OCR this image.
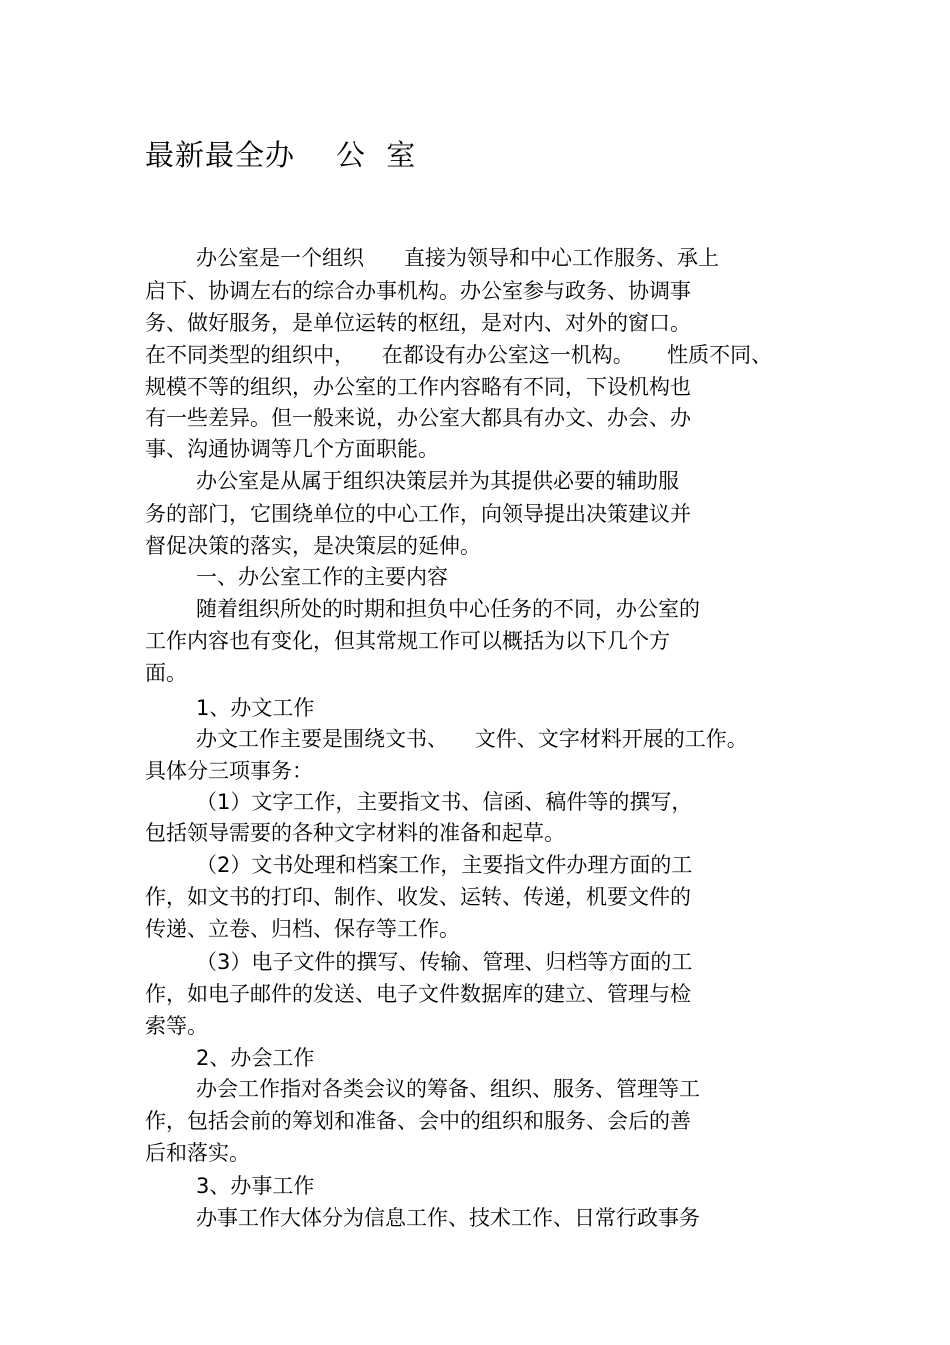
最新最全办    公  室
办公室是一个组织      直接为领导和中心工作服务、承上
启下、协调左右的综合办事机构。办公室参与政务、协调事
务、做好服务，是单位运转的枢纽，是对内、对外的窗口。
在不同类型的组织中，    在都设有办公室这一机构。     性质不同、
规模不等的组织，办公室的工作内容略有不同，下设机构也
有一些差异。但一般来说，办公室大都具有办文、办会、办
事、沟通协调等几个方面职能。
办公室是从属于组织决策层并为其提供必要的辅助服
务的部门，它围绕单位的中心工作，向领导提出决策建议并
督促决策的落实，是决策层的延伸。
一、办公室工作的主要内容
随着组织所处的时期和担负中心任务的不同，办公室的
工作内容也有变化，但其常规工作可以概括为以下几个方
面。
1、办文工作
办文工作主要是围绕文书、    文件、文字材料开展的工作。
具体分三项事务：
（1）文字工作，主要指文书、信函、稿件等的撰写，
包括领导需要的各种文字材料的准备和起草。
（2）文书处理和档案工作，主要指文件办理方面的工
作，如文书的打印、制作、收发、运转、传递，机要文件的
传递、立卷、归档、保存等工作。
（3）电子文件的撰写、传输、管理、归档等方面的工
作，如电子邮件的发送、电子文件数据库的建立、管理与检
索等。
2、办会工作
办会工作指对各类会议的筹备、组织、服务、管理等工
作，包括会前的筹划和准备、会中的组织和服务、会后的善
后和落实。
3、办事工作
办事工作大体分为信息工作、技术工作、日常行政事务
